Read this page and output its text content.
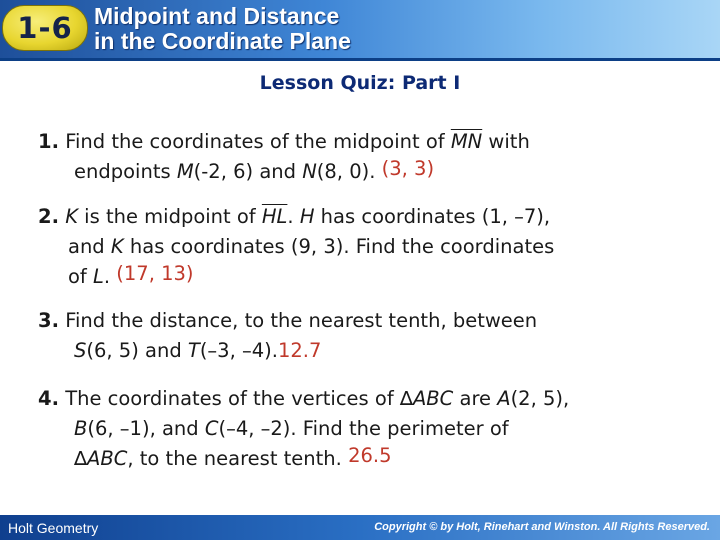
1-6 Midpoint and Distance
in the Coordinate Plane
Lesson Quiz: Part I
1. Find the coordinates of the midpoint of $\overline{MN}$ with
endpoints M(-2, 6) and N(8, 0). (3, 3)
2. K is the midpoint of $\overline{HL}$. H has coordinates (1, –7),
and K has coordinates (9, 3). Find the coordinates
of L. (17, 13)
3. Find the distance, to the nearest tenth, between
S(6, 5) and T(–3, –4).12.7
4. The coordinates of the vertices of ∆ABC are A(2, 5),
B(6, –1), and C(–4, –2). Find the perimeter of
∆ABC, to the nearest tenth. 26.5
Holt Geometry	Copyright © by Holt, Rinehart and Winston. All Rights Reserved.
